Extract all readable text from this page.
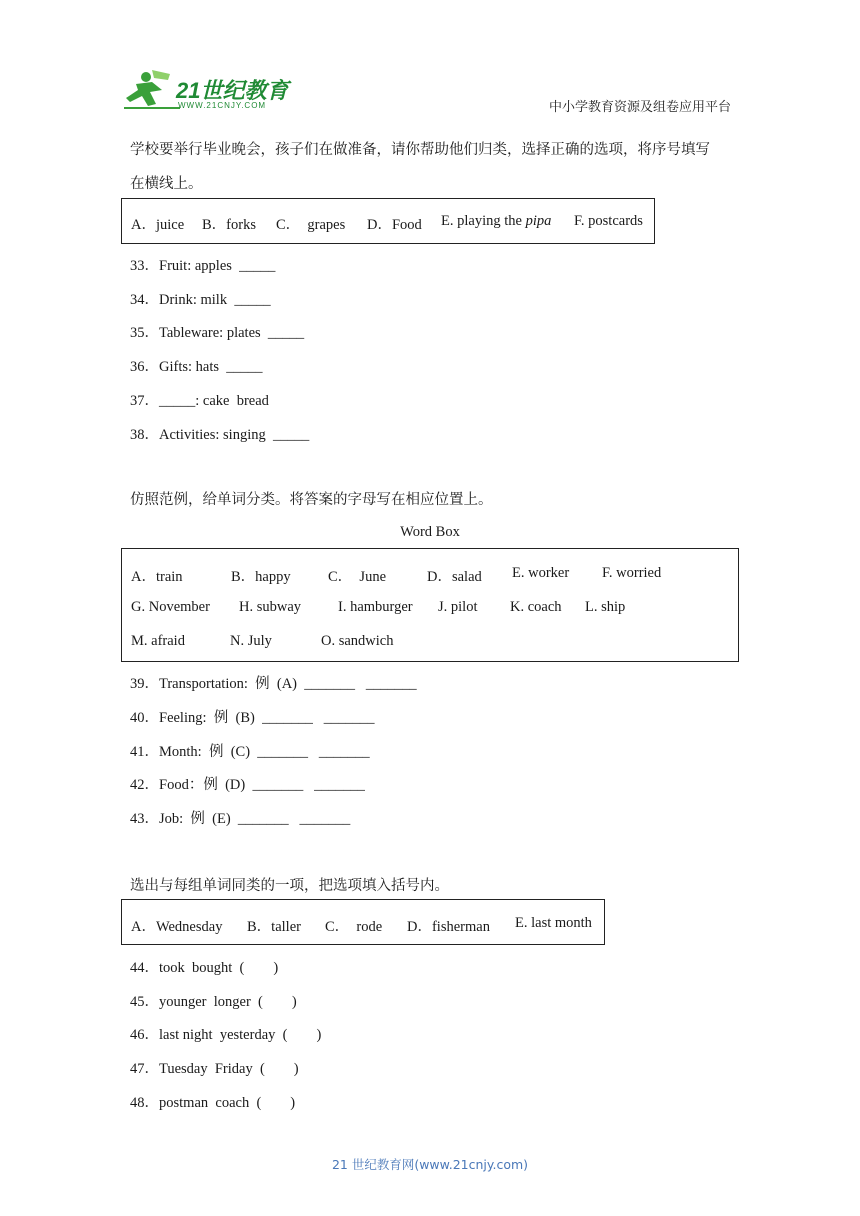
21世纪教育
WWW.21CNJY.COM	中小学教育资源及组卷应用平台
学校要举行毕业晚会，孩子们在做准备，请你帮助他们归类，选择正确的选项，将序号填写
在横线上。
A．juice B．forks C．  grapes D．Food E. playing the pipa F. postcards
33．Fruit: apples  _____
34．Drink: milk  _____
35．Tableware: plates  _____
36．Gifts: hats  _____
37．_____: cake  bread
38．Activities: singing  _____
仿照范例，给单词分类。将答案的字母写在相应位置上。
Word Box
A．train	B．happy	C．  June	D．salad E. worker F. worried
G. November H. subway	I. hamburger J. pilot K. coach L. ship
M. afraid	N. July	O. sandwich
39．Transportation:  例  (A)  _______   _______
40．Feeling:  例  (B)  _______   _______
41．Month:  例  (C)  _______   _______
42．Food：例  (D)  _______   _______
43．Job:  例  (E)  _______   _______
选出与每组单词同类的一项，把选项填入括号内。
A．Wednesday B．taller C．  rode D．fisherman E. last month
44．took  bought  (        )
45．younger  longer  (        )
46．last night  yesterday  (        )
47．Tuesday  Friday  (        )
48．postman  coach  (        )
21 世纪教育网(www.21cnjy.com)
